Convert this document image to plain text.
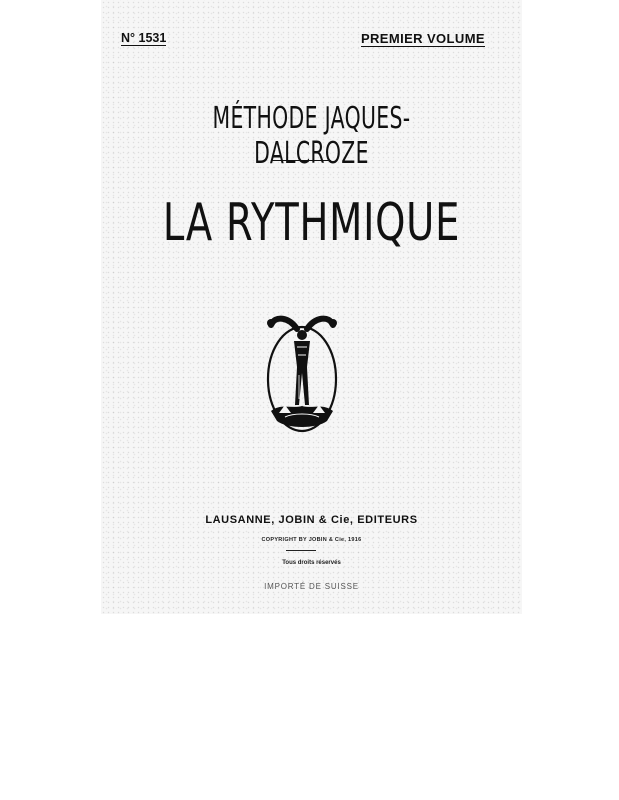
N° 1531	PREMIER VOLUME
MÉTHODE JAQUES-DALCROZE
LA RYTHMIQUE
LAUSANNE, JOBIN & Cie, EDITEURS
COPYRIGHT BY JOBIN & Cie, 1916
Tous droits réservés
IMPORTÉ DE SUISSE
